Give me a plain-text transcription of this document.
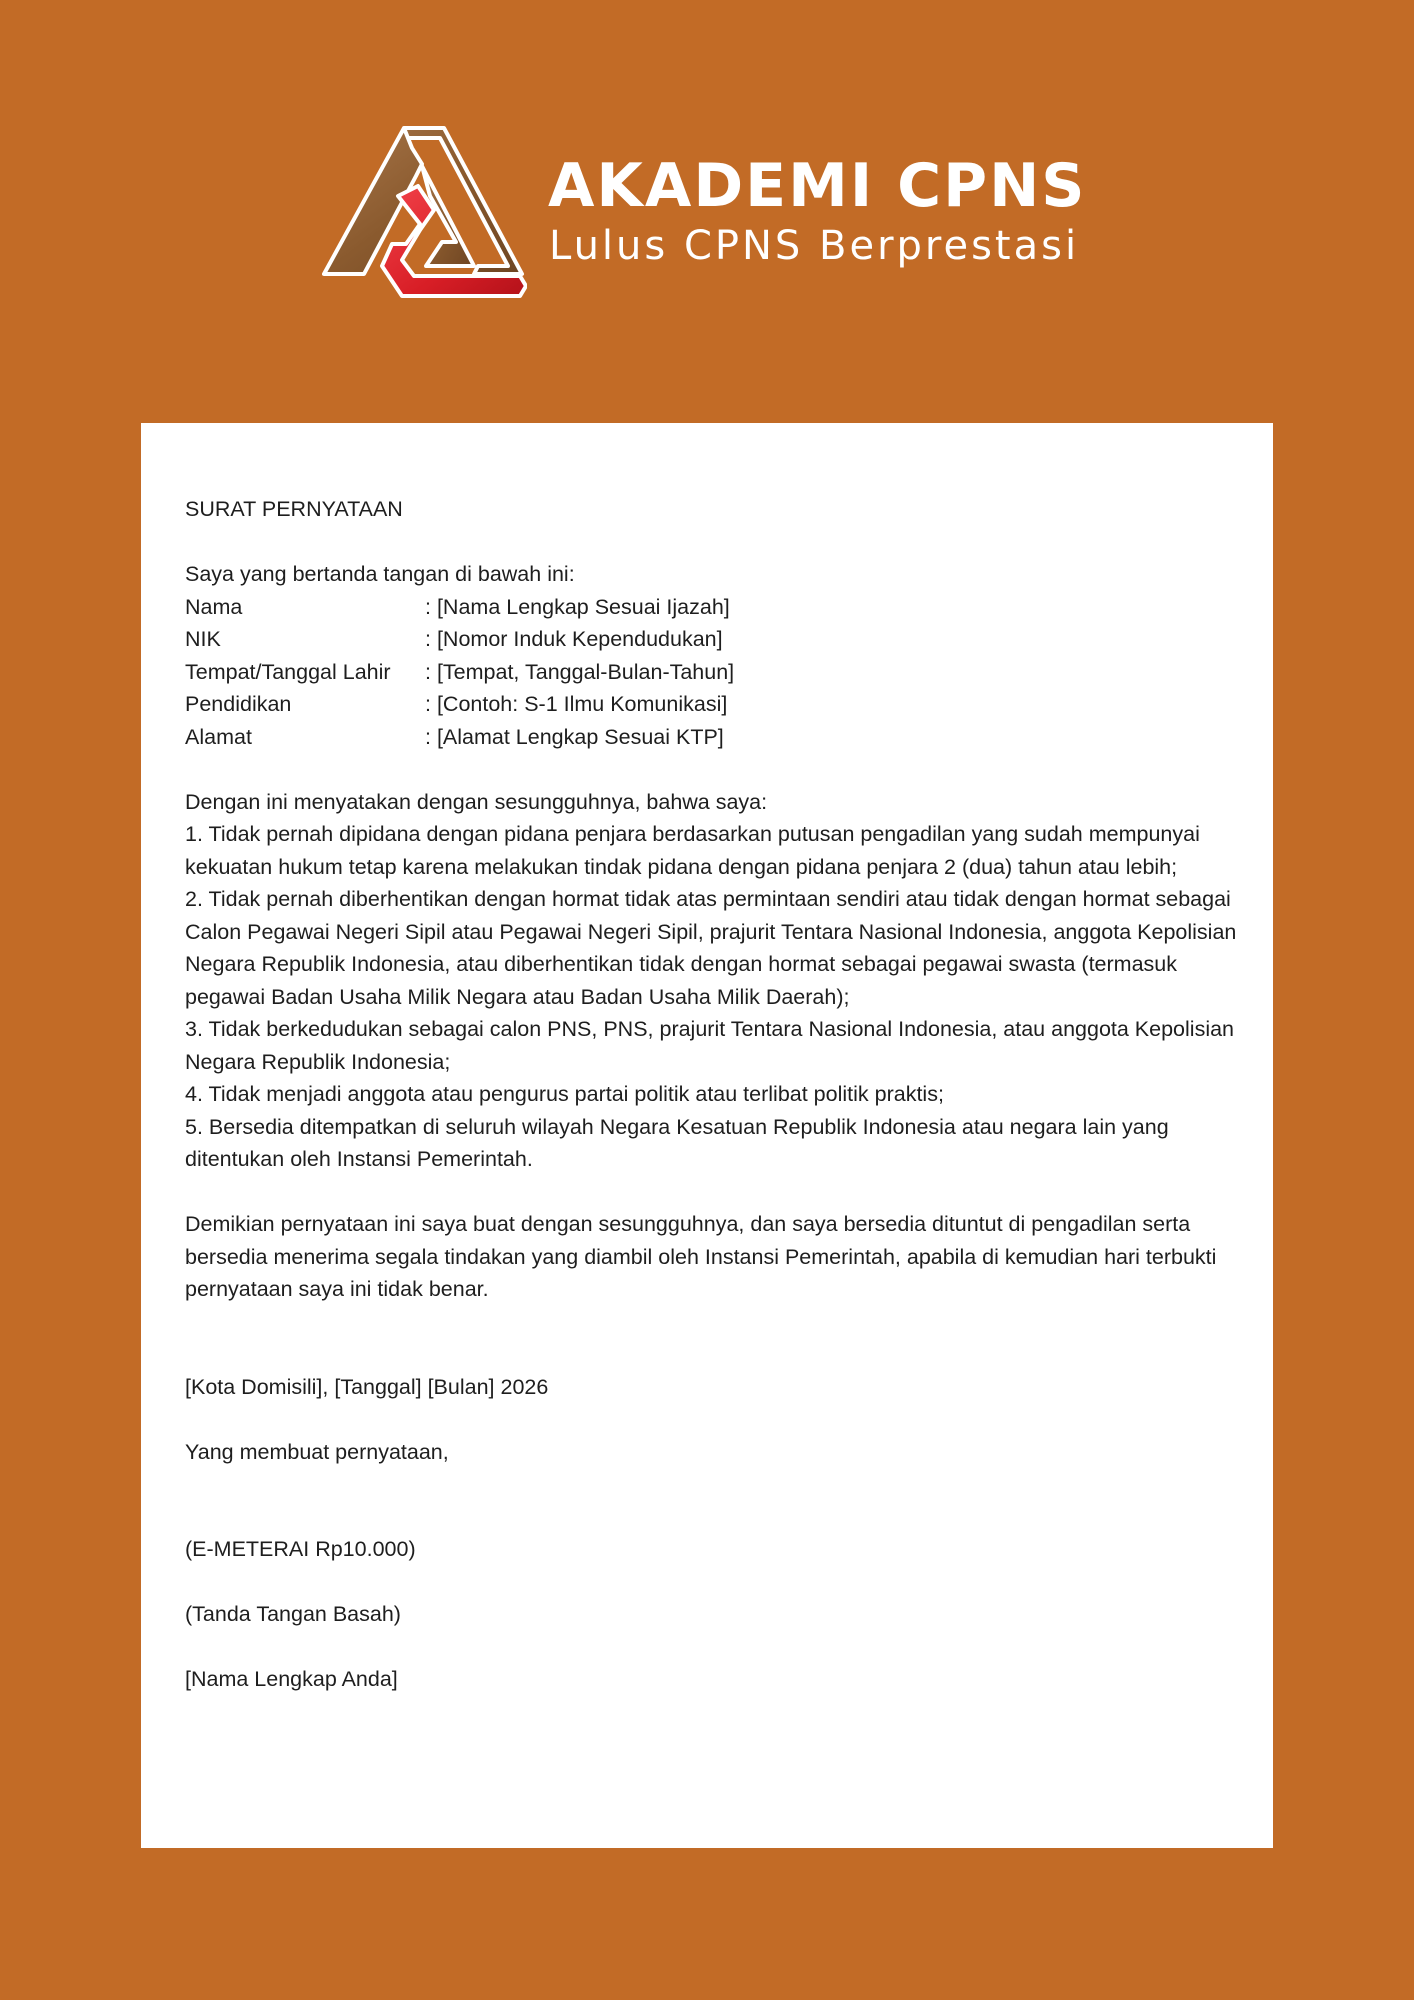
AKADEMI CPNS
Lulus CPNS Berprestasi

SURAT PERNYATAAN

Saya yang bertanda tangan di bawah ini:

Nama	: [Nama Lengkap Sesuai Ijazah]
NIK	: [Nomor Induk Kependudukan]
Tempat/Tanggal Lahir	: [Tempat, Tanggal-Bulan-Tahun]
Pendidikan	: [Contoh: S-1 Ilmu Komunikasi]
Alamat	: [Alamat Lengkap Sesuai KTP]

Dengan ini menyatakan dengan sesungguhnya, bahwa saya:

1. Tidak pernah dipidana dengan pidana penjara berdasarkan putusan pengadilan yang sudah mempunyai kekuatan hukum tetap karena melakukan tindak pidana dengan pidana penjara 2 (dua) tahun atau lebih;

2. Tidak pernah diberhentikan dengan hormat tidak atas permintaan sendiri atau tidak dengan hormat sebagai Calon Pegawai Negeri Sipil atau Pegawai Negeri Sipil, prajurit Tentara Nasional Indonesia, anggota Kepolisian Negara Republik Indonesia, atau diberhentikan tidak dengan hormat sebagai pegawai swasta (termasuk pegawai Badan Usaha Milik Negara atau Badan Usaha Milik Daerah);

3. Tidak berkedudukan sebagai calon PNS, PNS, prajurit Tentara Nasional Indonesia, atau anggota Kepolisian Negara Republik Indonesia;

4. Tidak menjadi anggota atau pengurus partai politik atau terlibat politik praktis;

5. Bersedia ditempatkan di seluruh wilayah Negara Kesatuan Republik Indonesia atau negara lain yang ditentukan oleh Instansi Pemerintah.

Demikian pernyataan ini saya buat dengan sesungguhnya, dan saya bersedia dituntut di pengadilan serta bersedia menerima segala tindakan yang diambil oleh Instansi Pemerintah, apabila di kemudian hari terbukti pernyataan saya ini tidak benar.

[Kota Domisili], [Tanggal] [Bulan] 2026

Yang membuat pernyataan,

(E-METERAI Rp10.000)

(Tanda Tangan Basah)

[Nama Lengkap Anda]
